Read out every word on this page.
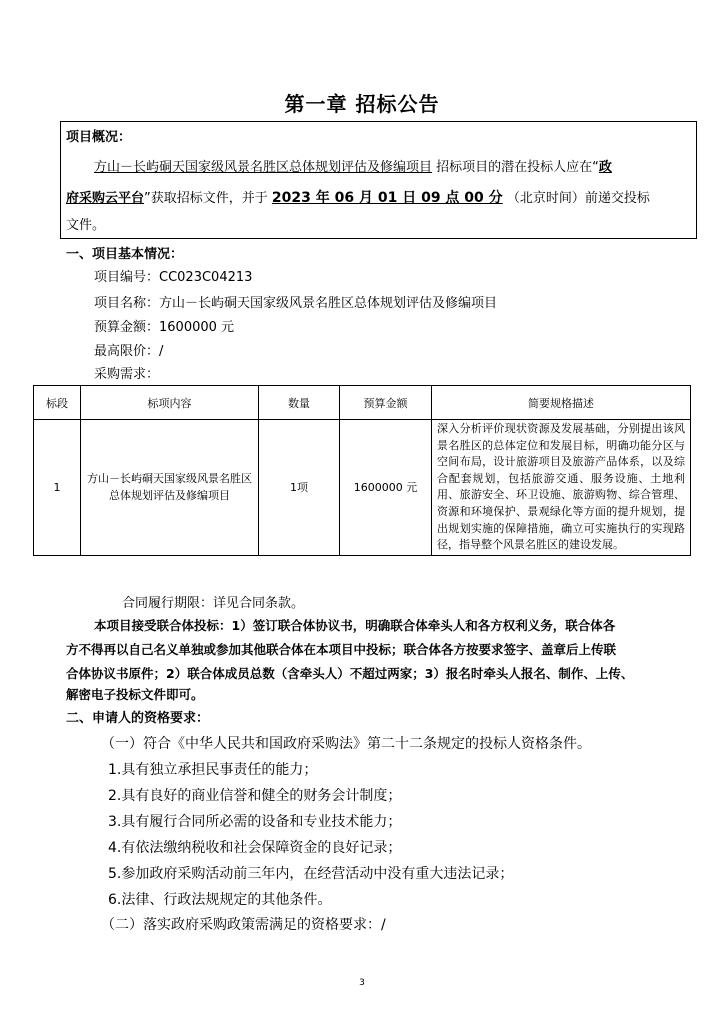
第一章 招标公告
项目概况：
方山－长屿硐天国家级风景名胜区总体规划评估及修编项目 招标项目的潜在投标人应在“政
府采购云平台”获取招标文件，并于 2023 年 06 月 01 日 09 点 00 分 （北京时间）前递交投标
文件。
一、项目基本情况：
项目编号：CC023C04213
项目名称：方山－长屿硐天国家级风景名胜区总体规划评估及修编项目
预算金额：1600000 元
最高限价：/
采购需求：
标段	标项内容	数量	预算金额	简要规格描述
1	方山－长屿硐天国家级风景名胜区总体规划评估及修编项目	1项	1600000 元	深入分析评价现状资源及发展基础，分别提出该风景名胜区的总体定位和发展目标，明确功能分区与空间布局，设计旅游项目及旅游产品体系，以及综合配套规划，包括旅游交通、服务设施、土地利用、旅游安全、环卫设施、旅游购物、综合管理、资源和环境保护、景观绿化等方面的提升规划，提出规划实施的保障措施，确立可实施执行的实现路径，指导整个风景名胜区的建设发展。
合同履行期限：详见合同条款。
本项目接受联合体投标：1）签订联合体协议书，明确联合体牵头人和各方权利义务，联合体各
方不得再以自己名义单独或参加其他联合体在本项目中投标；联合体各方按要求签字、盖章后上传联
合体协议书原件；2）联合体成员总数（含牵头人）不超过两家；3）报名时牵头人报名、制作、上传、
解密电子投标文件即可。
二、申请人的资格要求：
（一）符合《中华人民共和国政府采购法》第二十二条规定的投标人资格条件。
1.具有独立承担民事责任的能力；
2.具有良好的商业信誉和健全的财务会计制度；
3.具有履行合同所必需的设备和专业技术能力；
4.有依法缴纳税收和社会保障资金的良好记录；
5.参加政府采购活动前三年内，在经营活动中没有重大违法记录；
6.法律、行政法规规定的其他条件。
（二）落实政府采购政策需满足的资格要求：/
3
